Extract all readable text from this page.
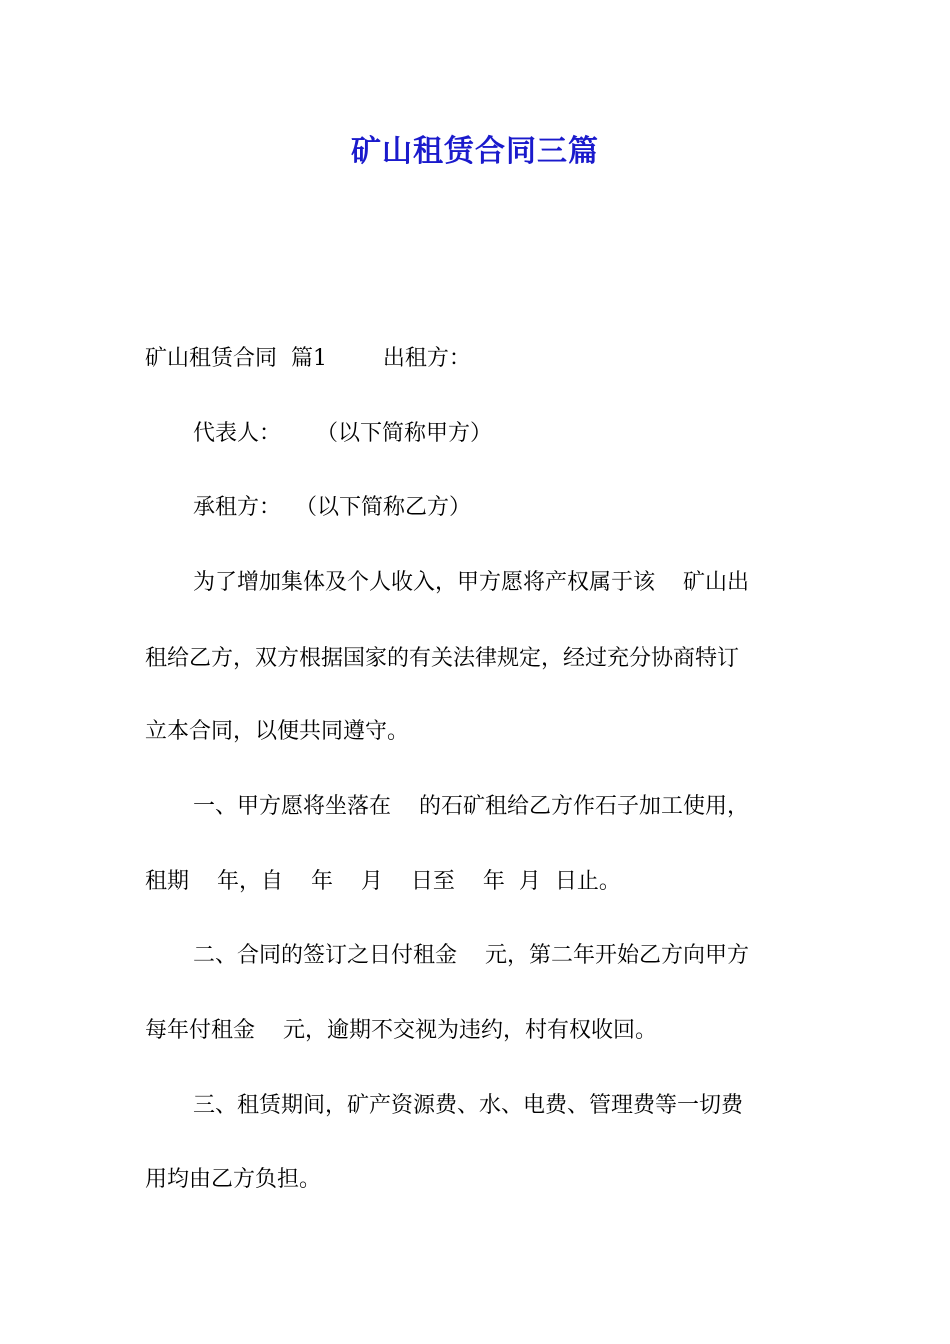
矿山租赁合同三篇
矿山租赁合同  篇1        出租方：
代表人：     （以下简称甲方）
承租方：  （以下简称乙方）
为了增加集体及个人收入，甲方愿将产权属于该    矿山出
租给乙方，双方根据国家的有关法律规定，经过充分协商特订
立本合同，以便共同遵守。
一、甲方愿将坐落在    的石矿租给乙方作石子加工使用，
租期    年，自    年    月    日至    年  月  日止。
二、合同的签订之日付租金    元，第二年开始乙方向甲方
每年付租金    元，逾期不交视为违约，村有权收回。
三、租赁期间，矿产资源费、水、电费、管理费等一切费
用均由乙方负担。
